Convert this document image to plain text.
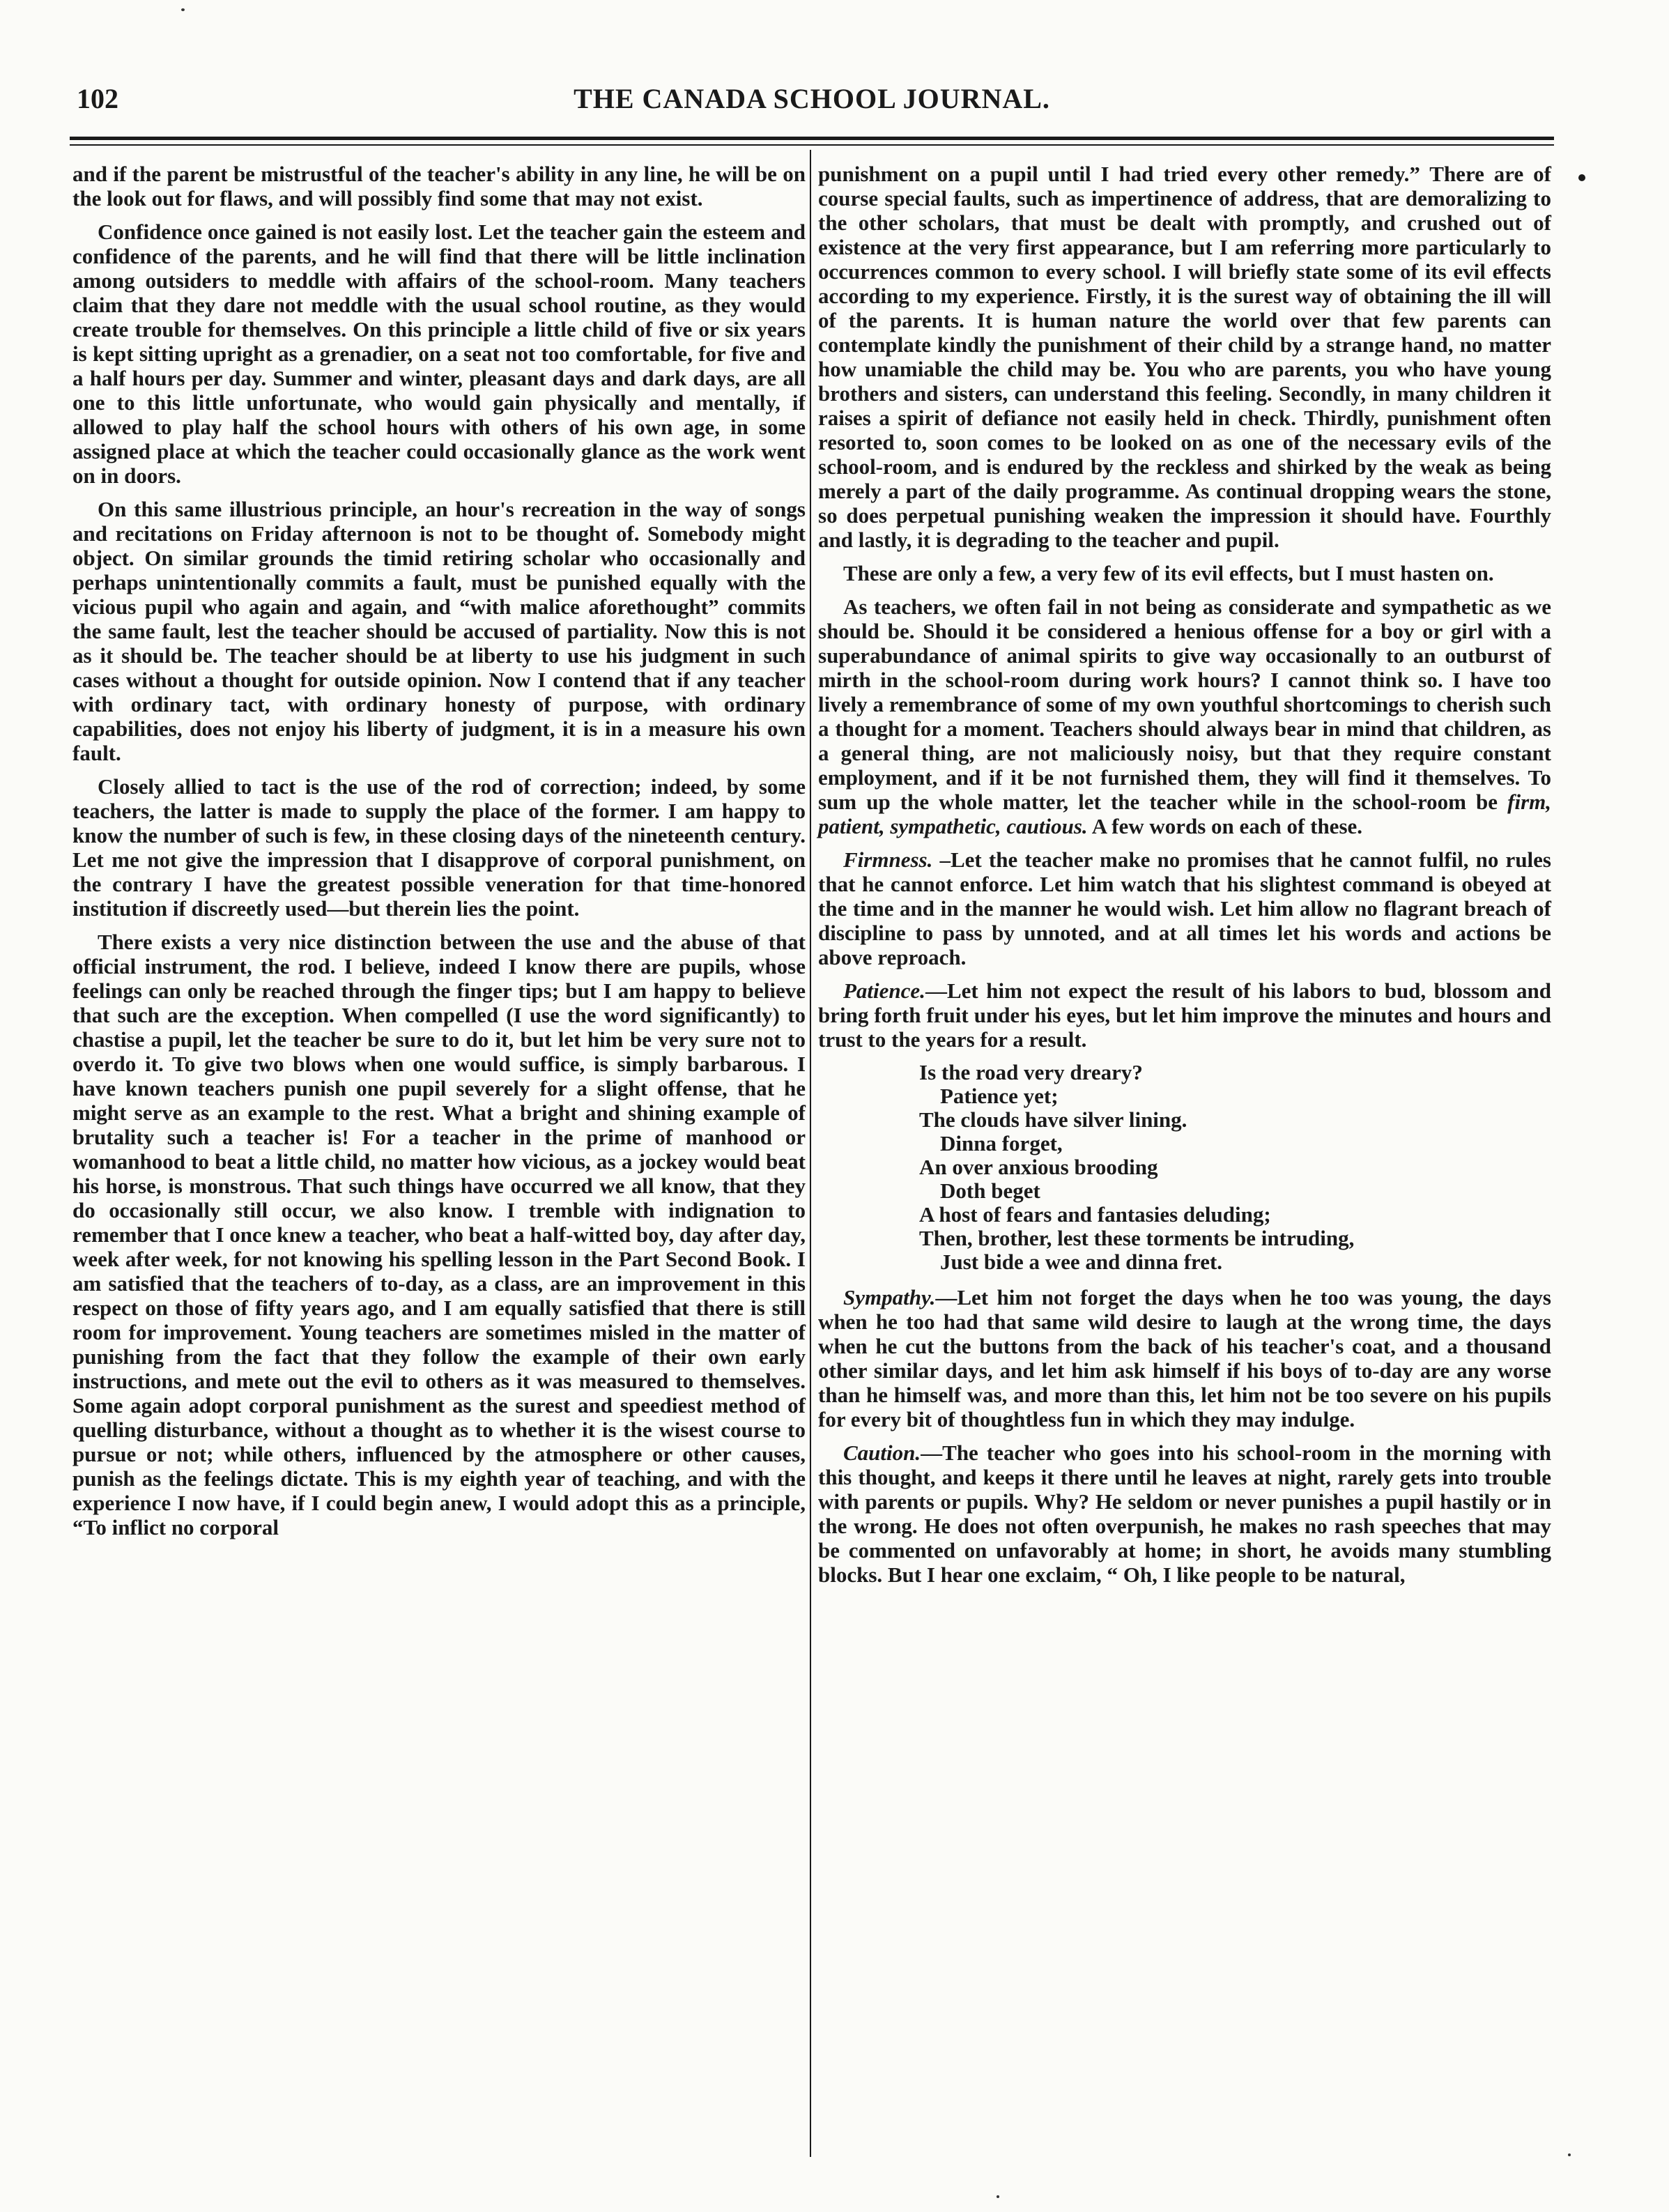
102	THE CANADA SCHOOL JOURNAL.

and if the parent be mistrustful of the teacher's ability in any line, he will be on the look out for flaws, and will possibly find some that may not exist.

Confidence once gained is not easily lost. Let the teacher gain the esteem and confidence of the parents, and he will find that there will be little inclination among outsiders to meddle with affairs of the school-room. Many teachers claim that they dare not meddle with the usual school routine, as they would create trouble for themselves. On this principle a little child of five or six years is kept sitting upright as a grenadier, on a seat not too comfortable, for five and a half hours per day. Summer and winter, pleasant days and dark days, are all one to this little unfortunate, who would gain physically and mentally, if allowed to play half the school hours with others of his own age, in some assigned place at which the teacher could occasionally glance as the work went on in doors.

On this same illustrious principle, an hour's recreation in the way of songs and recitations on Friday afternoon is not to be thought of. Somebody might object. On similar grounds the timid retiring scholar who occasionally and perhaps unintentionally commits a fault, must be punished equally with the vicious pupil who again and again, and “with malice aforethought” commits the same fault, lest the teacher should be accused of partiality. Now this is not as it should be. The teacher should be at liberty to use his judgment in such cases without a thought for outside opinion. Now I contend that if any teacher with ordinary tact, with ordinary honesty of purpose, with ordinary capabilities, does not enjoy his liberty of judgment, it is in a measure his own fault.

Closely allied to tact is the use of the rod of correction; indeed, by some teachers, the latter is made to supply the place of the former. I am happy to know the number of such is few, in these closing days of the nineteenth century. Let me not give the impression that I disapprove of corporal punishment, on the contrary I have the greatest possible veneration for that time-honored institution if discreetly used—but therein lies the point.

There exists a very nice distinction between the use and the abuse of that official instrument, the rod. I believe, indeed I know there are pupils, whose feelings can only be reached through the finger tips; but I am happy to believe that such are the exception. When compelled (I use the word significantly) to chastise a pupil, let the teacher be sure to do it, but let him be very sure not to overdo it. To give two blows when one would suffice, is simply barbarous. I have known teachers punish one pupil severely for a slight offense, that he might serve as an example to the rest. What a bright and shining example of brutality such a teacher is! For a teacher in the prime of manhood or womanhood to beat a little child, no matter how vicious, as a jockey would beat his horse, is monstrous. That such things have occurred we all know, that they do occasionally still occur, we also know. I tremble with indignation to remember that I once knew a teacher, who beat a half-witted boy, day after day, week after week, for not knowing his spelling lesson in the Part Second Book. I am satisfied that the teachers of to-day, as a class, are an improvement in this respect on those of fifty years ago, and I am equally satisfied that there is still room for improvement. Young teachers are sometimes misled in the matter of punishing from the fact that they follow the example of their own early instructions, and mete out the evil to others as it was measured to themselves. Some again adopt corporal punishment as the surest and speediest method of quelling disturbance, without a thought as to whether it is the wisest course to pursue or not; while others, influenced by the atmosphere or other causes, punish as the feelings dictate. This is my eighth year of teaching, and with the experience I now have, if I could begin anew, I would adopt this as a principle, “To inflict no corporal

punishment on a pupil until I had tried every other remedy.” There are of course special faults, such as impertinence of address, that are demoralizing to the other scholars, that must be dealt with promptly, and crushed out of existence at the very first appearance, but I am referring more particularly to occurrences common to every school. I will briefly state some of its evil effects according to my experience. Firstly, it is the surest way of obtaining the ill will of the parents. It is human nature the world over that few parents can contemplate kindly the punishment of their child by a strange hand, no matter how unamiable the child may be. You who are parents, you who have young brothers and sisters, can understand this feeling. Secondly, in many children it raises a spirit of defiance not easily held in check. Thirdly, punishment often resorted to, soon comes to be looked on as one of the necessary evils of the school-room, and is endured by the reckless and shirked by the weak as being merely a part of the daily programme. As continual dropping wears the stone, so does perpetual punishing weaken the impression it should have. Fourthly and lastly, it is degrading to the teacher and pupil.

These are only a few, a very few of its evil effects, but I must hasten on.

As teachers, we often fail in not being as considerate and sympathetic as we should be. Should it be considered a henious offense for a boy or girl with a superabundance of animal spirits to give way occasionally to an outburst of mirth in the school-room during work hours? I cannot think so. I have too lively a remembrance of some of my own youthful shortcomings to cherish such a thought for a moment. Teachers should always bear in mind that children, as a general thing, are not maliciously noisy, but that they require constant employment, and if it be not furnished them, they will find it themselves. To sum up the whole matter, let the teacher while in the school-room be firm, patient, sympathetic, cautious. A few words on each of these.

Firmness. –Let the teacher make no promises that he cannot fulfil, no rules that he cannot enforce. Let him watch that his slightest command is obeyed at the time and in the manner he would wish. Let him allow no flagrant breach of discipline to pass by unnoted, and at all times let his words and actions be above reproach.

Patience.—Let him not expect the result of his labors to bud, blossom and bring forth fruit under his eyes, but let him improve the minutes and hours and trust to the years for a result.

Is the road very dreary?
Patience yet;
The clouds have silver lining.
Dinna forget,
An over anxious brooding
Doth beget
A host of fears and fantasies deluding;
Then, brother, lest these torments be intruding,
Just bide a wee and dinna fret.

Sympathy.—Let him not forget the days when he too was young, the days when he too had that same wild desire to laugh at the wrong time, the days when he cut the buttons from the back of his teacher's coat, and a thousand other similar days, and let him ask himself if his boys of to-day are any worse than he himself was, and more than this, let him not be too severe on his pupils for every bit of thoughtless fun in which they may indulge.

Caution.—The teacher who goes into his school-room in the morning with this thought, and keeps it there until he leaves at night, rarely gets into trouble with parents or pupils. Why? He seldom or never punishes a pupil hastily or in the wrong. He does not often overpunish, he makes no rash speeches that may be commented on unfavorably at home; in short, he avoids many stumbling blocks. But I hear one exclaim, “ Oh, I like people to be natural,
